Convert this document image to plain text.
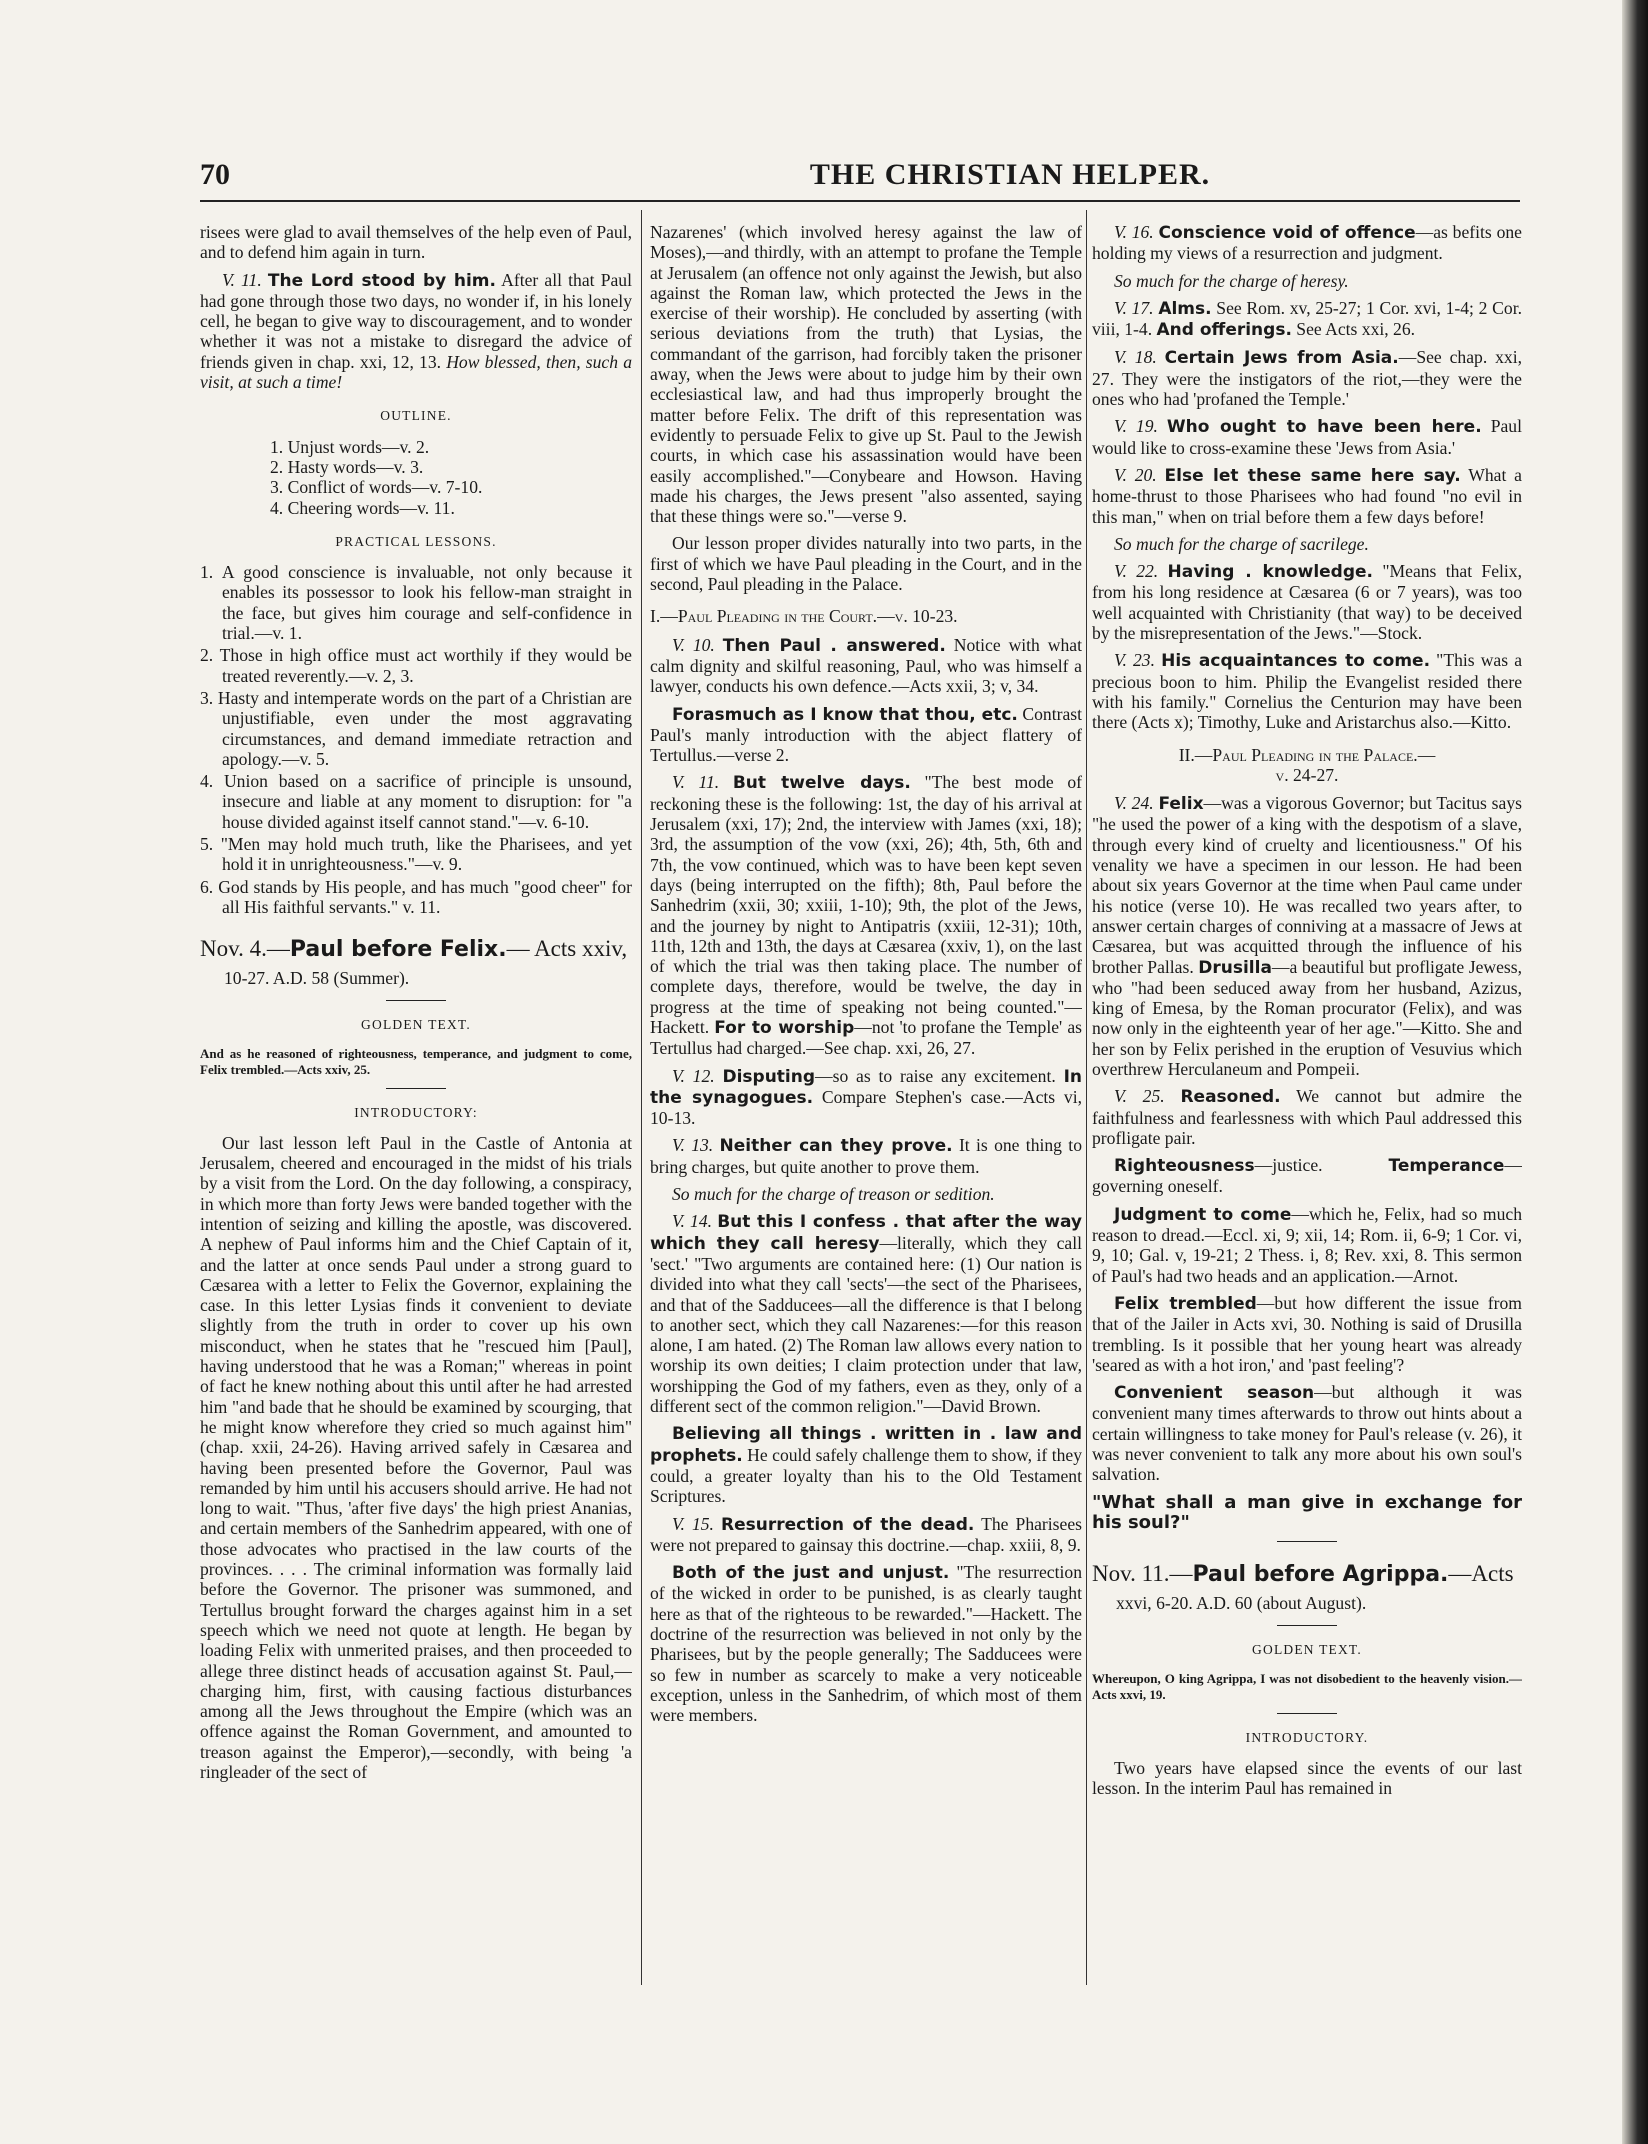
70	THE CHRISTIAN HELPER.

risees were glad to avail themselves of the help even of Paul, and to defend him again in turn.

V. 11. The Lord stood by him. After all that Paul had gone through those two days, no wonder if, in his lonely cell, he began to give way to discouragement, and to wonder whether it was not a mistake to disregard the advice of friends given in chap. xxi, 12, 13. How blessed, then, such a visit, at such a time!

OUTLINE.
1. Unjust words—v. 2.
2. Hasty words—v. 3.
3. Conflict of words—v. 7-10.
4. Cheering words—v. 11.
PRACTICAL LESSONS.
1. A good conscience is invaluable, not only because it enables its possessor to look his fellow-man straight in the face, but gives him courage and self-confidence in trial.—v. 1.
2. Those in high office must act worthily if they would be treated reverently.—v. 2, 3.
3. Hasty and intemperate words on the part of a Christian are unjustifiable, even under the most aggravating circumstances, and demand immediate retraction and apology.—v. 5.
4. Union based on a sacrifice of principle is unsound, insecure and liable at any moment to disruption: for "a house divided against itself cannot stand."—v. 6-10.
5. "Men may hold much truth, like the Pharisees, and yet hold it in unrighteousness."—v. 9.
6. God stands by His people, and has much "good cheer" for all His faithful servants." v. 11.
Nov. 4.—Paul before Felix.— Acts xxiv,
10-27. A.D. 58 (Summer).
GOLDEN TEXT.

And as he reasoned of righteousness, temperance, and judgment to come, Felix trembled.—Acts xxiv, 25.

INTRODUCTORY:

Our last lesson left Paul in the Castle of Antonia at Jerusalem, cheered and encouraged in the midst of his trials by a visit from the Lord. On the day following, a conspiracy, in which more than forty Jews were banded together with the intention of seizing and killing the apostle, was discovered. A nephew of Paul informs him and the Chief Captain of it, and the latter at once sends Paul under a strong guard to Cæsarea with a letter to Felix the Governor, explaining the case. In this letter Lysias finds it convenient to deviate slightly from the truth in order to cover up his own misconduct, when he states that he "rescued him [Paul], having understood that he was a Roman;" whereas in point of fact he knew nothing about this until after he had arrested him "and bade that he should be examined by scourging, that he might know wherefore they cried so much against him" (chap. xxii, 24-26). Having arrived safely in Cæsarea and having been presented before the Governor, Paul was remanded by him until his accusers should arrive. He had not long to wait. "Thus, 'after five days' the high priest Ananias, and certain members of the Sanhedrim appeared, with one of those advocates who practised in the law courts of the provinces. . . . The criminal information was formally laid before the Governor. The prisoner was summoned, and Tertullus brought forward the charges against him in a set speech which we need not quote at length. He began by loading Felix with unmerited praises, and then proceeded to allege three distinct heads of accusation against St. Paul,—charging him, first, with causing factious disturbances among all the Jews throughout the Empire (which was an offence against the Roman Government, and amounted to treason against the Emperor),—secondly, with being 'a ringleader of the sect of

Nazarenes' (which involved heresy against the law of Moses),—and thirdly, with an attempt to profane the Temple at Jerusalem (an offence not only against the Jewish, but also against the Roman law, which protected the Jews in the exercise of their worship). He concluded by asserting (with serious deviations from the truth) that Lysias, the commandant of the garrison, had forcibly taken the prisoner away, when the Jews were about to judge him by their own ecclesiastical law, and had thus improperly brought the matter before Felix. The drift of this representation was evidently to persuade Felix to give up St. Paul to the Jewish courts, in which case his assassination would have been easily accomplished."—Conybeare and Howson. Having made his charges, the Jews present "also assented, saying that these things were so."—verse 9.

Our lesson proper divides naturally into two parts, in the first of which we have Paul pleading in the Court, and in the second, Paul pleading in the Palace.

I.—Paul Pleading in the Court.—v. 10-23.

V. 10. Then Paul . answered. Notice with what calm dignity and skilful reasoning, Paul, who was himself a lawyer, conducts his own defence.—Acts xxii, 3; v, 34.

Forasmuch as I know that thou, etc. Contrast Paul's manly introduction with the abject flattery of Tertullus.—verse 2.

V. 11. But twelve days. "The best mode of reckoning these is the following: 1st, the day of his arrival at Jerusalem (xxi, 17); 2nd, the interview with James (xxi, 18); 3rd, the assumption of the vow (xxi, 26); 4th, 5th, 6th and 7th, the vow continued, which was to have been kept seven days (being interrupted on the fifth); 8th, Paul before the Sanhedrim (xxii, 30; xxiii, 1-10); 9th, the plot of the Jews, and the journey by night to Antipatris (xxiii, 12-31); 10th, 11th, 12th and 13th, the days at Cæsarea (xxiv, 1), on the last of which the trial was then taking place. The number of complete days, therefore, would be twelve, the day in progress at the time of speaking not being counted."—Hackett. For to worship—not 'to profane the Temple' as Tertullus had charged.—See chap. xxi, 26, 27.

V. 12. Disputing—so as to raise any excitement. In the synagogues. Compare Stephen's case.—Acts vi, 10-13.

V. 13. Neither can they prove. It is one thing to bring charges, but quite another to prove them.

So much for the charge of treason or sedition.

V. 14. But this I confess . that after the way which they call heresy—literally, which they call 'sect.' "Two arguments are contained here: (1) Our nation is divided into what they call 'sects'—the sect of the Pharisees, and that of the Sadducees—all the difference is that I belong to another sect, which they call Nazarenes:—for this reason alone, I am hated. (2) The Roman law allows every nation to worship its own deities; I claim protection under that law, worshipping the God of my fathers, even as they, only of a different sect of the common religion."—David Brown.

Believing all things . written in . law and prophets. He could safely challenge them to show, if they could, a greater loyalty than his to the Old Testament Scriptures.

V. 15. Resurrection of the dead. The Pharisees were not prepared to gainsay this doctrine.—chap. xxiii, 8, 9.

Both of the just and unjust. "The resurrection of the wicked in order to be punished, is as clearly taught here as that of the righteous to be rewarded."—Hackett. The doctrine of the resurrection was believed in not only by the Pharisees, but by the people generally; The Sadducees were so few in number as scarcely to make a very noticeable exception, unless in the Sanhedrim, of which most of them were members.

V. 16. Conscience void of offence—as befits one holding my views of a resurrection and judgment.

So much for the charge of heresy.

V. 17. Alms. See Rom. xv, 25-27; 1 Cor. xvi, 1-4; 2 Cor. viii, 1-4. And offerings. See Acts xxi, 26.

V. 18. Certain Jews from Asia.—See chap. xxi, 27. They were the instigators of the riot,—they were the ones who had 'profaned the Temple.'

V. 19. Who ought to have been here. Paul would like to cross-examine these 'Jews from Asia.'

V. 20. Else let these same here say. What a home-thrust to those Pharisees who had found "no evil in this man," when on trial before them a few days before!

So much for the charge of sacrilege.

V. 22. Having . knowledge. "Means that Felix, from his long residence at Cæsarea (6 or 7 years), was too well acquainted with Christianity (that way) to be deceived by the misrepresentation of the Jews."—Stock.

V. 23. His acquaintances to come. "This was a precious boon to him. Philip the Evangelist resided there with his family." Cornelius the Centurion may have been there (Acts x); Timothy, Luke and Aristarchus also.—Kitto.

II.—Paul Pleading in the Palace.—
v. 24-27.

V. 24. Felix—was a vigorous Governor; but Tacitus says "he used the power of a king with the despotism of a slave, through every kind of cruelty and licentiousness." Of his venality we have a specimen in our lesson. He had been about six years Governor at the time when Paul came under his notice (verse 10). He was recalled two years after, to answer certain charges of conniving at a massacre of Jews at Cæsarea, but was acquitted through the influence of his brother Pallas. Drusilla—a beautiful but profligate Jewess, who "had been seduced away from her husband, Azizus, king of Emesa, by the Roman procurator (Felix), and was now only in the eighteenth year of her age."—Kitto. She and her son by Felix perished in the eruption of Vesuvius which overthrew Herculaneum and Pompeii.

V. 25. Reasoned. We cannot but admire the faithfulness and fearlessness with which Paul addressed this profligate pair.

Righteousness—justice. Temperance—governing oneself.

Judgment to come—which he, Felix, had so much reason to dread.—Eccl. xi, 9; xii, 14; Rom. ii, 6-9; 1 Cor. vi, 9, 10; Gal. v, 19-21; 2 Thess. i, 8; Rev. xxi, 8. This sermon of Paul's had two heads and an application.—Arnot.

Felix trembled—but how different the issue from that of the Jailer in Acts xvi, 30. Nothing is said of Drusilla trembling. Is it possible that her young heart was already 'seared as with a hot iron,' and 'past feeling'?

Convenient season—but although it was convenient many times afterwards to throw out hints about a certain willingness to take money for Paul's release (v. 26), it was never convenient to talk any more about his own soul's salvation.

"What shall a man give in exchange for his soul?"

Nov. 11.—Paul before Agrippa.—Acts
xxvi, 6-20. A.D. 60 (about August).
GOLDEN TEXT.

Whereupon, O king Agrippa, I was not disobedient to the heavenly vision.—Acts xxvi, 19.

INTRODUCTORY.

Two years have elapsed since the events of our last lesson. In the interim Paul has remained in
